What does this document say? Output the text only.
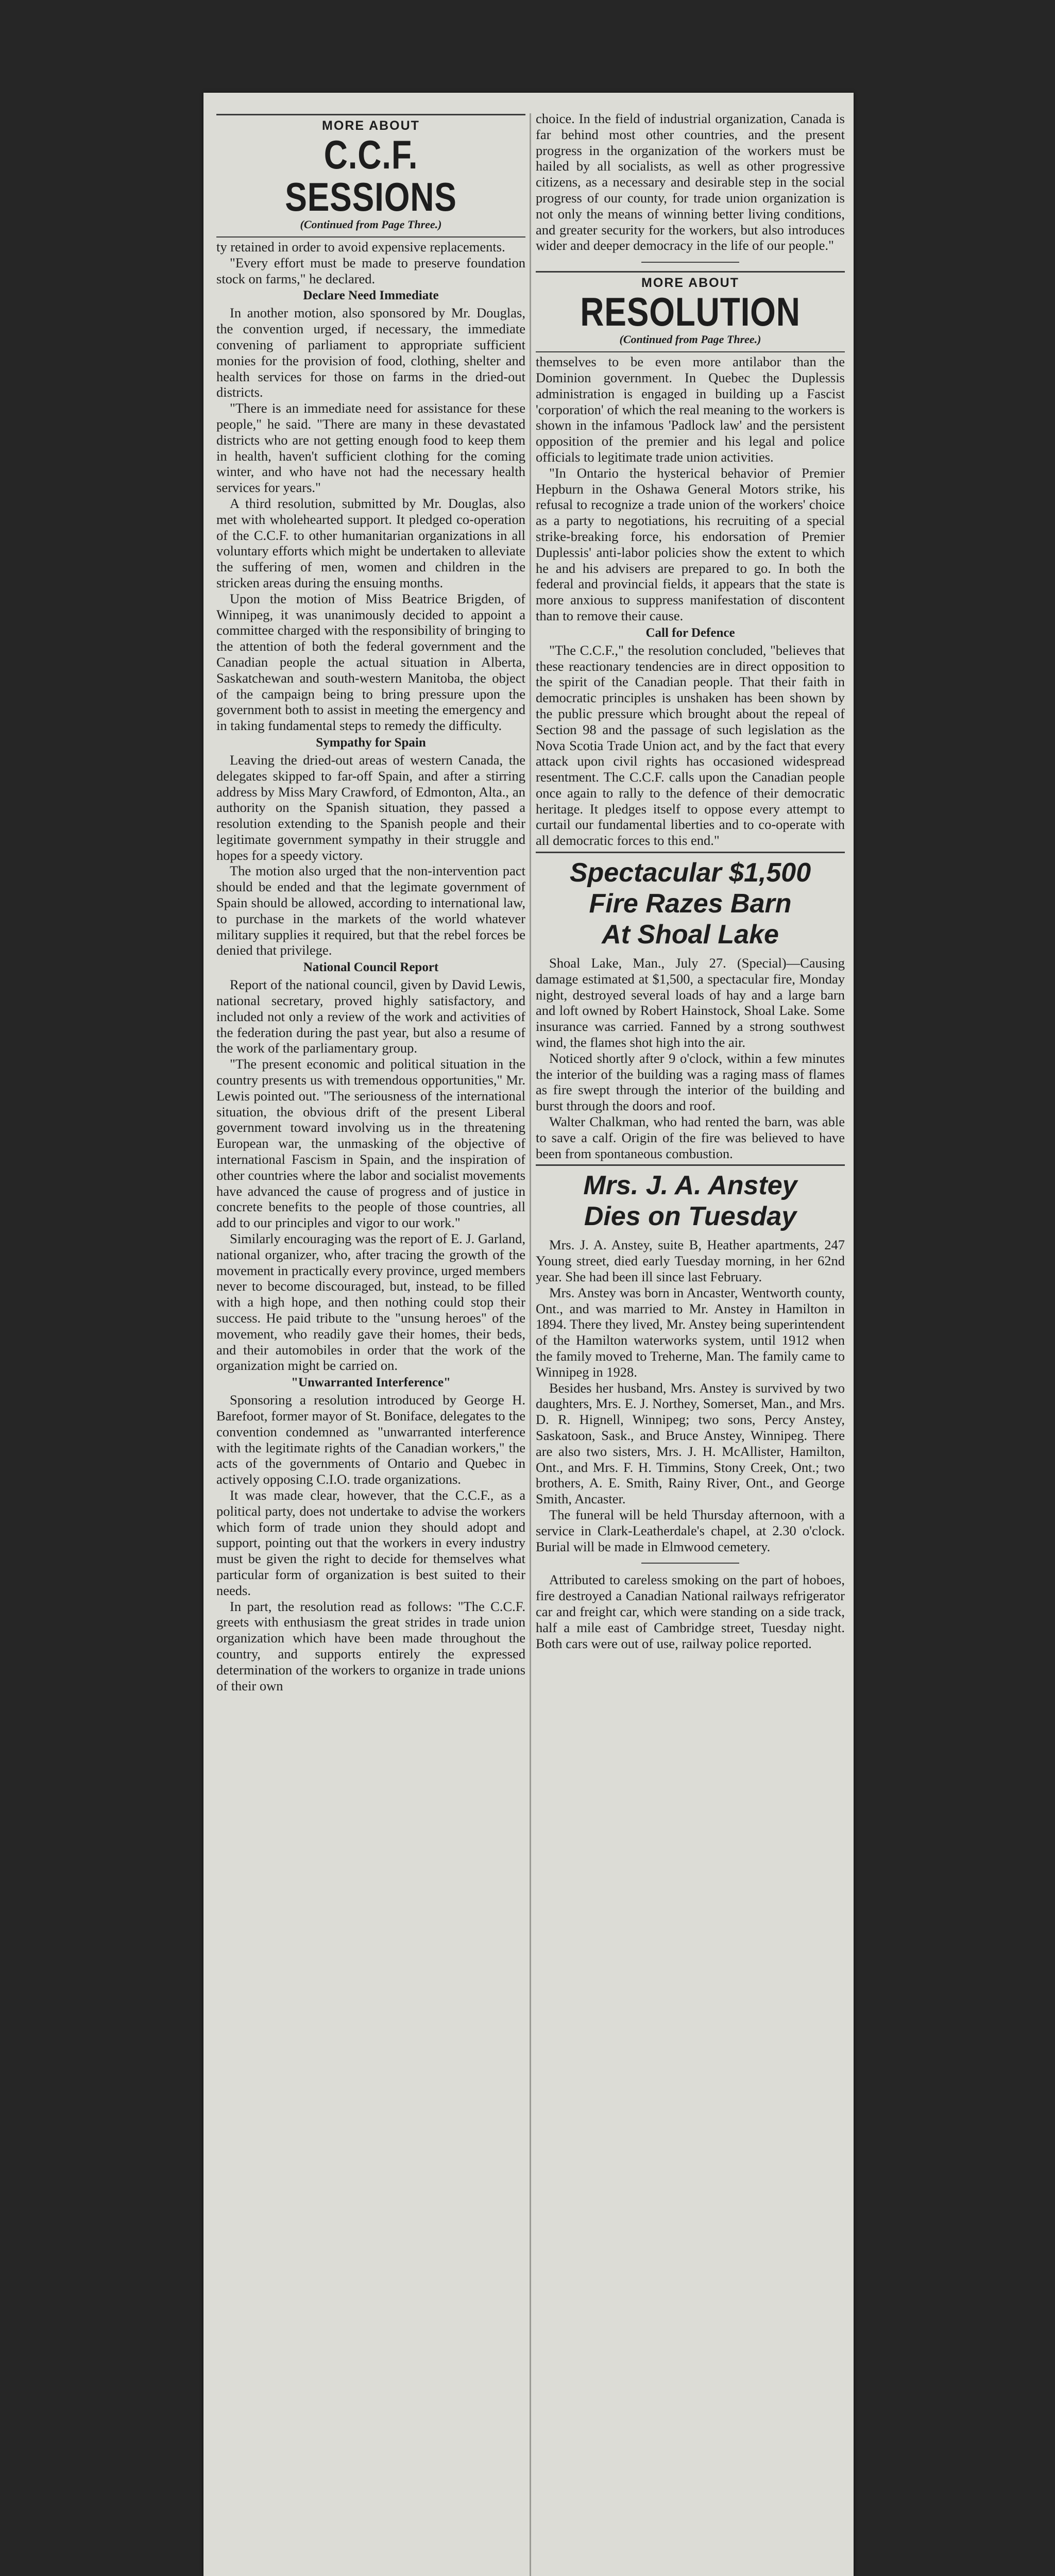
MORE ABOUT
C.C.F. SESSIONS
(Continued from Page Three.)

ty retained in order to avoid expensive replacements.

"Every effort must be made to preserve foundation stock on farms," he declared.

Declare Need Immediate

In another motion, also sponsored by Mr. Douglas, the convention urged, if necessary, the immediate convening of parliament to appropriate sufficient monies for the provision of food, clothing, shelter and health services for those on farms in the dried-out districts.

"There is an immediate need for assistance for these people," he said. "There are many in these devastated districts who are not getting enough food to keep them in health, haven't sufficient clothing for the coming winter, and who have not had the necessary health services for years."

A third resolution, submitted by Mr. Douglas, also met with wholehearted support. It pledged co-operation of the C.C.F. to other humanitarian organizations in all voluntary efforts which might be undertaken to alleviate the suffering of men, women and children in the stricken areas during the ensuing months.

Upon the motion of Miss Beatrice Brigden, of Winnipeg, it was unanimously decided to appoint a committee charged with the responsibility of bringing to the attention of both the federal government and the Canadian people the actual situation in Alberta, Saskatchewan and south-western Manitoba, the object of the campaign being to bring pressure upon the government both to assist in meeting the emergency and in taking fundamental steps to remedy the difficulty.

Sympathy for Spain

Leaving the dried-out areas of western Canada, the delegates skipped to far-off Spain, and after a stirring address by Miss Mary Crawford, of Edmonton, Alta., an authority on the Spanish situation, they passed a resolution extending to the Spanish people and their legitimate government sympathy in their struggle and hopes for a speedy victory.

The motion also urged that the non-intervention pact should be ended and that the legimate government of Spain should be allowed, according to international law, to purchase in the markets of the world whatever military supplies it required, but that the rebel forces be denied that privilege.

National Council Report

Report of the national council, given by David Lewis, national secretary, proved highly satisfactory, and included not only a review of the work and activities of the federation during the past year, but also a resume of the work of the parliamentary group.

"The present economic and political situation in the country presents us with tremendous opportunities," Mr. Lewis pointed out. "The seriousness of the international situation, the obvious drift of the present Liberal government toward involving us in the threatening European war, the unmasking of the objective of international Fascism in Spain, and the inspiration of other countries where the labor and socialist movements have advanced the cause of progress and of justice in concrete benefits to the people of those countries, all add to our principles and vigor to our work."

Similarly encouraging was the report of E. J. Garland, national organizer, who, after tracing the growth of the movement in practically every province, urged members never to become discouraged, but, instead, to be filled with a high hope, and then nothing could stop their success. He paid tribute to the "unsung heroes" of the movement, who readily gave their homes, their beds, and their automobiles in order that the work of the organization might be carried on.

"Unwarranted Interference"

Sponsoring a resolution introduced by George H. Barefoot, former mayor of St. Boniface, delegates to the convention condemned as "unwarranted interference with the legitimate rights of the Canadian workers," the acts of the governments of Ontario and Quebec in actively opposing C.I.O. trade organizations.

It was made clear, however, that the C.C.F., as a political party, does not undertake to advise the workers which form of trade union they should adopt and support, pointing out that the workers in every industry must be given the right to decide for themselves what particular form of organization is best suited to their needs.

In part, the resolution read as follows: "The C.C.F. greets with enthusiasm the great strides in trade union organization which have been made throughout the country, and supports entirely the expressed determination of the workers to organize in trade unions of their own

choice. In the field of industrial organization, Canada is far behind most other countries, and the present progress in the organization of the workers must be hailed by all socialists, as well as other progressive citizens, as a necessary and desirable step in the social progress of our county, for trade union organization is not only the means of winning better living conditions, and greater security for the workers, but also introduces wider and deeper democracy in the life of our people."

MORE ABOUT
RESOLUTION
(Continued from Page Three.)

themselves to be even more antilabor than the Dominion government. In Quebec the Duplessis administration is engaged in building up a Fascist 'corporation' of which the real meaning to the workers is shown in the infamous 'Padlock law' and the persistent opposition of the premier and his legal and police officials to legitimate trade union activities.

"In Ontario the hysterical behavior of Premier Hepburn in the Oshawa General Motors strike, his refusal to recognize a trade union of the workers' choice as a party to negotiations, his recruiting of a special strike-breaking force, his endorsation of Premier Duplessis' anti-labor policies show the extent to which he and his advisers are prepared to go. In both the federal and provincial fields, it appears that the state is more anxious to suppress manifestation of discontent than to remove their cause.

Call for Defence

"The C.C.F.," the resolution concluded, "believes that these reactionary tendencies are in direct opposition to the spirit of the Canadian people. That their faith in democratic principles is unshaken has been shown by the public pressure which brought about the repeal of Section 98 and the passage of such legislation as the Nova Scotia Trade Union act, and by the fact that every attack upon civil rights has occasioned widespread resentment. The C.C.F. calls upon the Canadian people once again to rally to the defence of their democratic heritage. It pledges itself to oppose every attempt to curtail our fundamental liberties and to co-operate with all democratic forces to this end."

Spectacular $1,500
Fire Razes Barn
At Shoal Lake

Shoal Lake, Man., July 27. (Special)—Causing damage estimated at $1,500, a spectacular fire, Monday night, destroyed several loads of hay and a large barn and loft owned by Robert Hainstock, Shoal Lake. Some insurance was carried. Fanned by a strong southwest wind, the flames shot high into the air.

Noticed shortly after 9 o'clock, within a few minutes the interior of the building was a raging mass of flames as fire swept through the interior of the building and burst through the doors and roof.

Walter Chalkman, who had rented the barn, was able to save a calf. Origin of the fire was believed to have been from spontaneous combustion.

Mrs. J. A. Anstey
Dies on Tuesday

Mrs. J. A. Anstey, suite B, Heather apartments, 247 Young street, died early Tuesday morning, in her 62nd year. She had been ill since last February.

Mrs. Anstey was born in Ancaster, Wentworth county, Ont., and was married to Mr. Anstey in Hamilton in 1894. There they lived, Mr. Anstey being superintendent of the Hamilton waterworks system, until 1912 when the family moved to Treherne, Man. The family came to Winnipeg in 1928.

Besides her husband, Mrs. Anstey is survived by two daughters, Mrs. E. J. Northey, Somerset, Man., and Mrs. D. R. Hignell, Winnipeg; two sons, Percy Anstey, Saskatoon, Sask., and Bruce Anstey, Winnipeg. There are also two sisters, Mrs. J. H. McAllister, Hamilton, Ont., and Mrs. F. H. Timmins, Stony Creek, Ont.; two brothers, A. E. Smith, Rainy River, Ont., and George Smith, Ancaster.

The funeral will be held Thursday afternoon, with a service in Clark-Leatherdale's chapel, at 2.30 o'clock. Burial will be made in Elmwood cemetery.

Attributed to careless smoking on the part of hoboes, fire destroyed a Canadian National railways refrigerator car and freight car, which were standing on a side track, half a mile east of Cambridge street, Tuesday night. Both cars were out of use, railway police reported.
